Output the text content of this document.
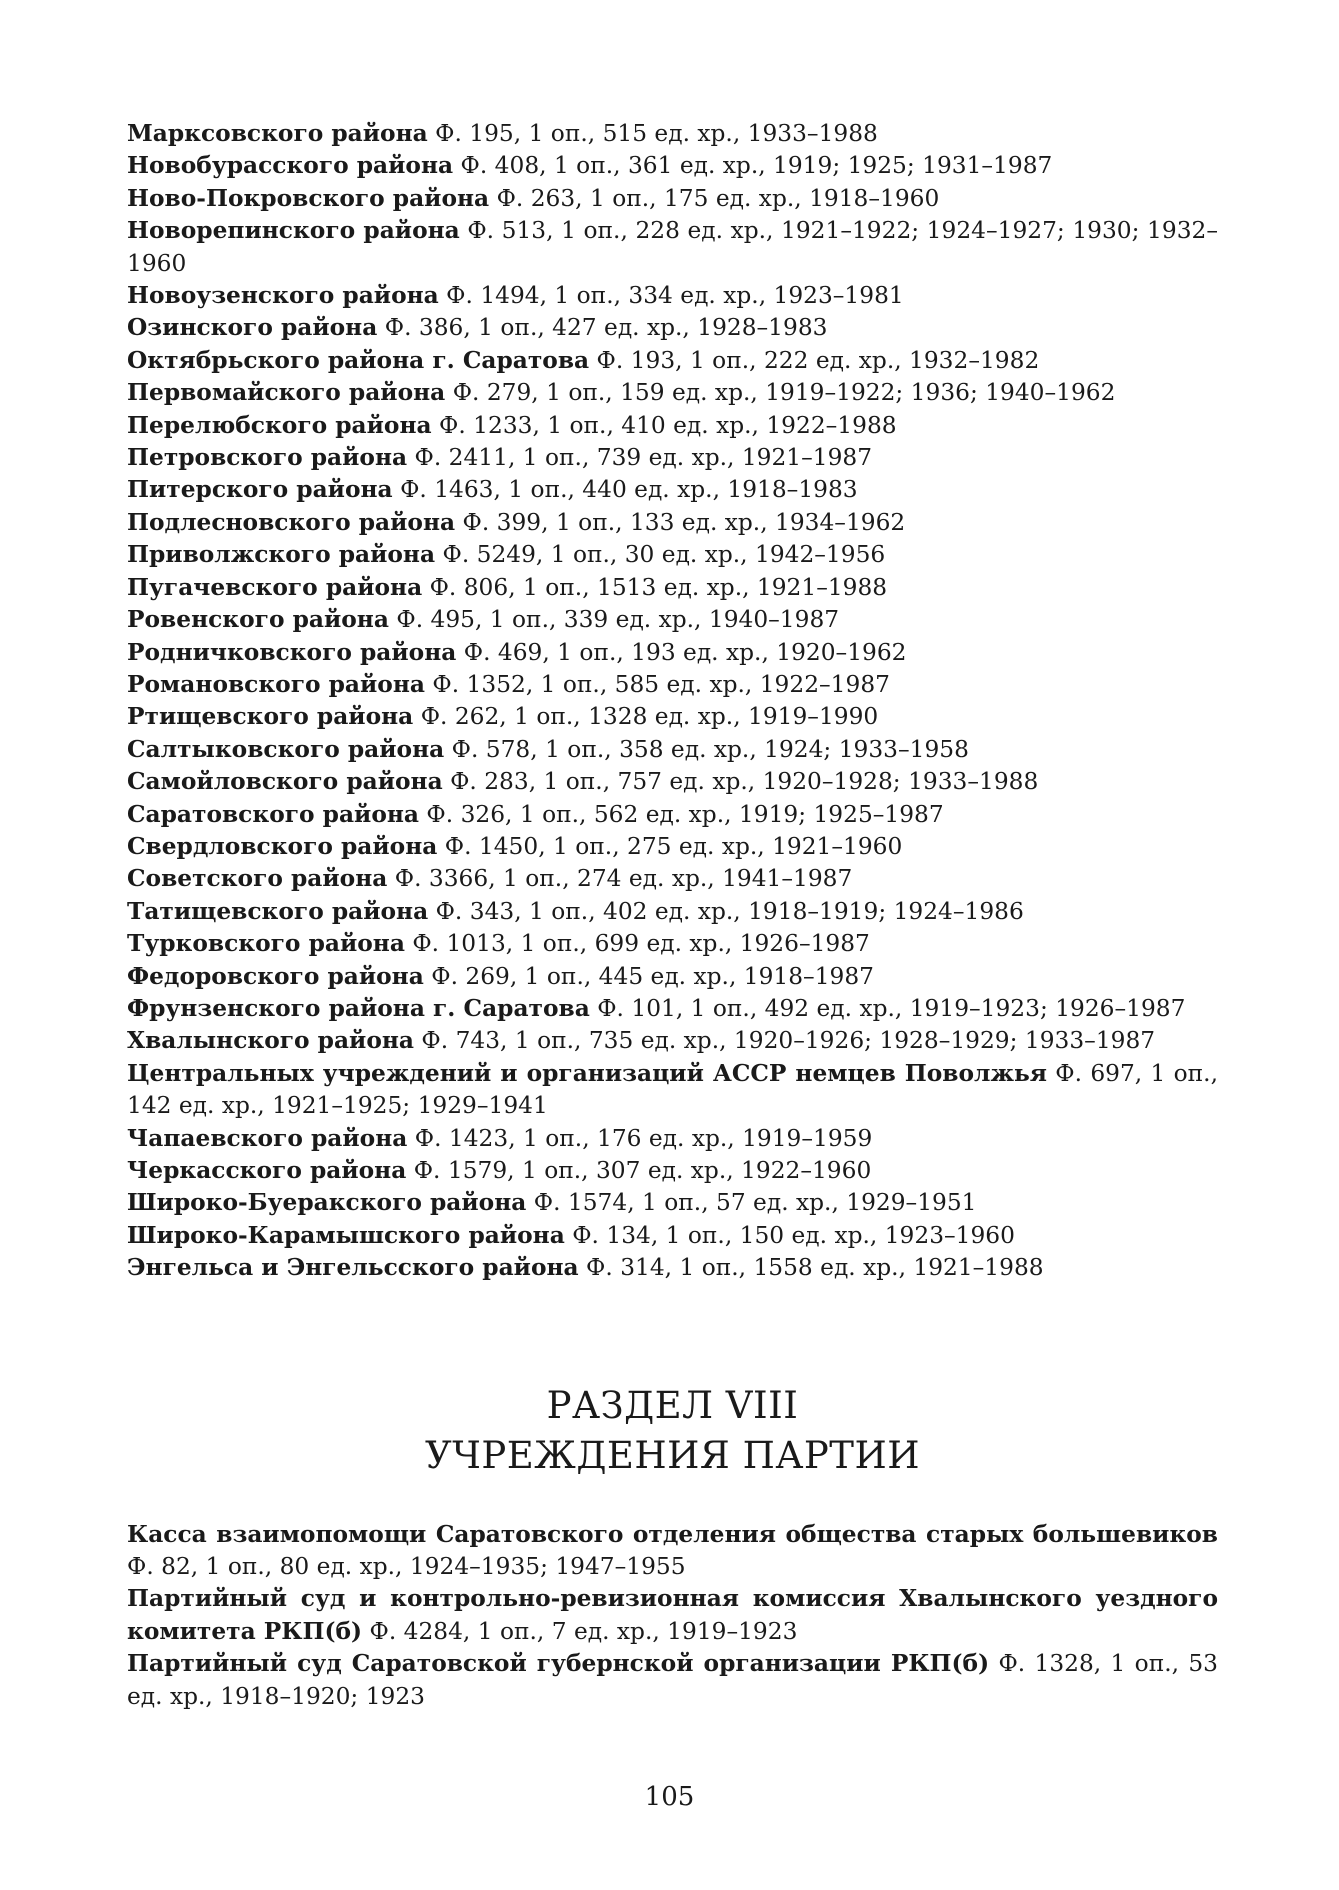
Марксовского района Ф. 195, 1 оп., 515 ед. хр., 1933–1988
Новобурасского района Ф. 408, 1 оп., 361 ед. хр., 1919; 1925; 1931–1987
Ново-Покровского района Ф. 263, 1 оп., 175 ед. хр., 1918–1960
Новорепинского района Ф. 513, 1 оп., 228 ед. хр., 1921–1922; 1924–1927; 1930; 1932–1960
Новоузенского района Ф. 1494, 1 оп., 334 ед. хр., 1923–1981
Озинского района Ф. 386, 1 оп., 427 ед. хр., 1928–1983
Октябрьского района г. Саратова Ф. 193, 1 оп., 222 ед. хр., 1932–1982
Первомайского района Ф. 279, 1 оп., 159 ед. хр., 1919–1922; 1936; 1940–1962
Перелюбского района Ф. 1233, 1 оп., 410 ед. хр., 1922–1988
Петровского района Ф. 2411, 1 оп., 739 ед. хр., 1921–1987
Питерского района Ф. 1463, 1 оп., 440 ед. хр., 1918–1983
Подлесновского района Ф. 399, 1 оп., 133 ед. хр., 1934–1962
Приволжского района Ф. 5249, 1 оп., 30 ед. хр., 1942–1956
Пугачевского района Ф. 806, 1 оп., 1513 ед. хр., 1921–1988
Ровенского района Ф. 495, 1 оп., 339 ед. хр., 1940–1987
Родничковского района Ф. 469, 1 оп., 193 ед. хр., 1920–1962
Романовского района Ф. 1352, 1 оп., 585 ед. хр., 1922–1987
Ртищевского района Ф. 262, 1 оп., 1328 ед. хр., 1919–1990
Салтыковского района Ф. 578, 1 оп., 358 ед. хр., 1924; 1933–1958
Самойловского района Ф. 283, 1 оп., 757 ед. хр., 1920–1928; 1933–1988
Саратовского района Ф. 326, 1 оп., 562 ед. хр., 1919; 1925–1987
Свердловского района Ф. 1450, 1 оп., 275 ед. хр., 1921–1960
Советского района Ф. 3366, 1 оп., 274 ед. хр., 1941–1987
Татищевского района Ф. 343, 1 оп., 402 ед. хр., 1918–1919; 1924–1986
Турковского района Ф. 1013, 1 оп., 699 ед. хр., 1926–1987
Федоровского района Ф. 269, 1 оп., 445 ед. хр., 1918–1987
Фрунзенского района г. Саратова Ф. 101, 1 оп., 492 ед. хр., 1919–1923; 1926–1987
Хвалынского района Ф. 743, 1 оп., 735 ед. хр., 1920–1926; 1928–1929; 1933–1987
Центральных учреждений и организаций АССР немцев Поволжья Ф. 697, 1 оп., 142 ед. хр., 1921–1925; 1929–1941
Чапаевского района Ф. 1423, 1 оп., 176 ед. хр., 1919–1959
Черкасского района Ф. 1579, 1 оп., 307 ед. хр., 1922–1960
Широко-Буеракского района Ф. 1574, 1 оп., 57 ед. хр., 1929–1951
Широко-Карамышского района Ф. 134, 1 оп., 150 ед. хр., 1923–1960
Энгельса и Энгельсского района Ф. 314, 1 оп., 1558 ед. хр., 1921–1988
РАЗДЕЛ VIII
УЧРЕЖДЕНИЯ ПАРТИИ
Касса взаимопомощи Саратовского отделения общества старых большевиков Ф. 82, 1 оп., 80 ед. хр., 1924–1935; 1947–1955
Партийный суд и контрольно-ревизионная комиссия Хвалынского уездного комитета РКП(б) Ф. 4284, 1 оп., 7 ед. хр., 1919–1923
Партийный суд Саратовской губернской организации РКП(б) Ф. 1328, 1 оп., 53 ед. хр., 1918–1920; 1923
105
